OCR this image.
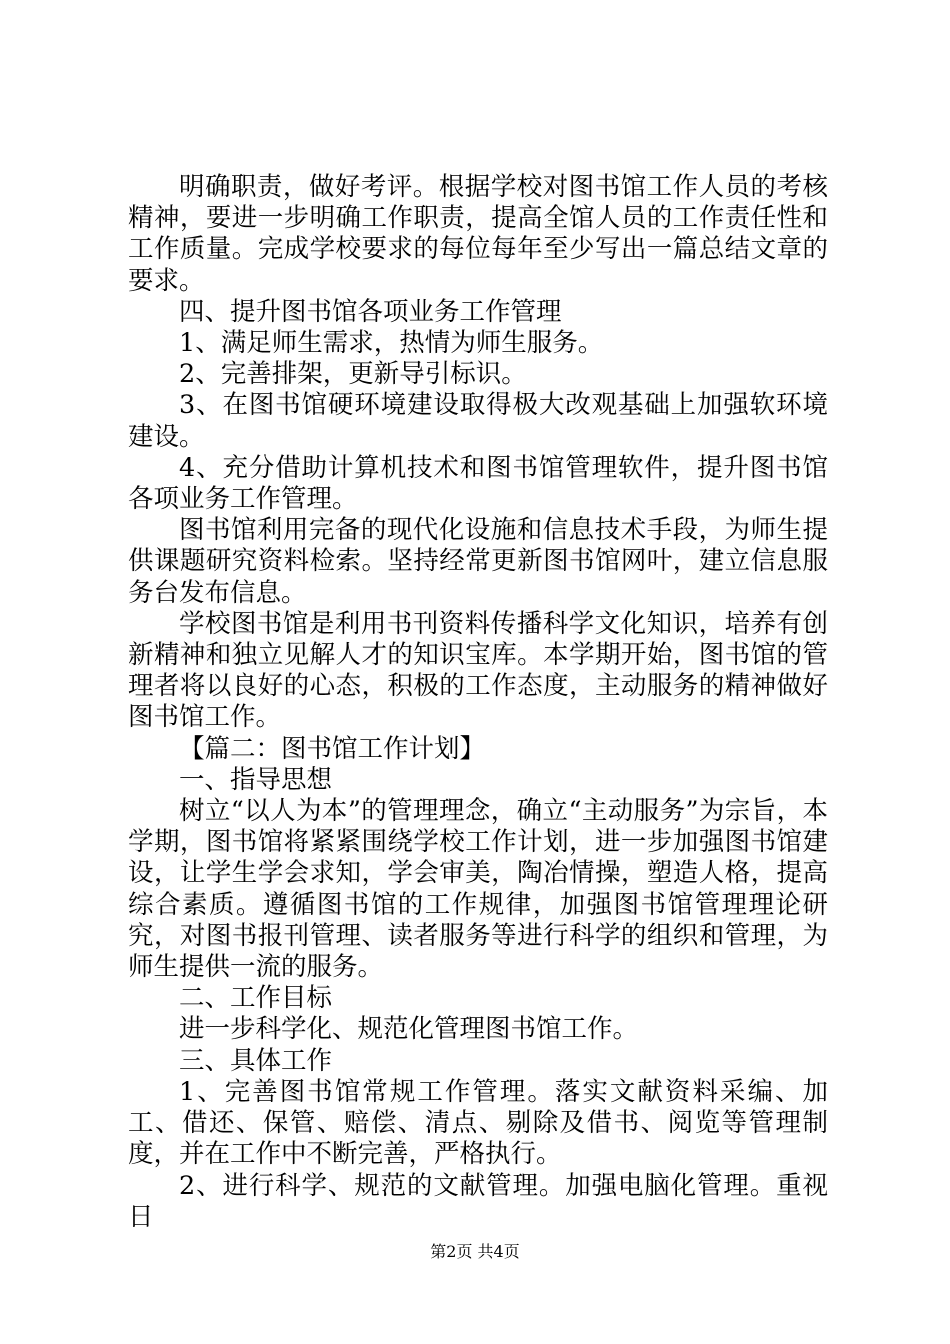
明确职责，做好考评。根据学校对图书馆工作人员的考核精神，要进一步明确工作职责，提高全馆人员的工作责任性和工作质量。完成学校要求的每位每年至少写出一篇总结文章的要求。

四、提升图书馆各项业务工作管理

1、满足师生需求，热情为师生服务。

2、完善排架，更新导引标识。

3、在图书馆硬环境建设取得极大改观基础上加强软环境建设。

4、充分借助计算机技术和图书馆管理软件，提升图书馆各项业务工作管理。

图书馆利用完备的现代化设施和信息技术手段，为师生提供课题研究资料检索。坚持经常更新图书馆网叶，建立信息服务台发布信息。

学校图书馆是利用书刊资料传播科学文化知识，培养有创新精神和独立见解人才的知识宝库。本学期开始，图书馆的管理者将以良好的心态，积极的工作态度，主动服务的精神做好图书馆工作。

【篇二：图书馆工作计划】

一、指导思想

树立“以人为本”的管理理念，确立“主动服务”为宗旨，本学期，图书馆将紧紧围绕学校工作计划，进一步加强图书馆建设，让学生学会求知，学会审美，陶冶情操，塑造人格，提高综合素质。遵循图书馆的工作规律，加强图书馆管理理论研究，对图书报刊管理、读者服务等进行科学的组织和管理，为师生提供一流的服务。

二、工作目标

进一步科学化、规范化管理图书馆工作。

三、具体工作

1、完善图书馆常规工作管理。落实文献资料采编、加工、借还、保管、赔偿、清点、剔除及借书、阅览等管理制度，并在工作中不断完善，严格执行。

2、进行科学、规范的文献管理。加强电脑化管理。重视日

第2页 共4页
